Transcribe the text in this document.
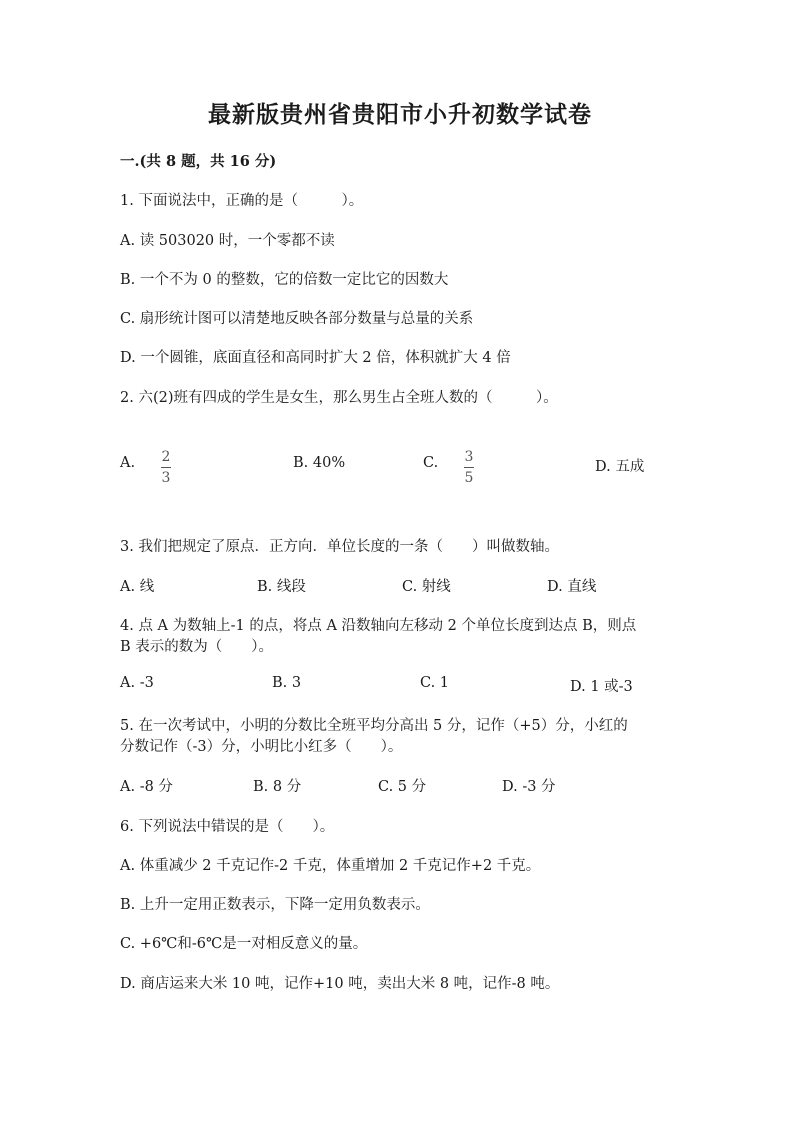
最新版贵州省贵阳市小升初数学试卷
一.(共 8 题，共 16 分)
1. 下面说法中，正确的是（　　　）。
A. 读 503020 时，一个零都不读
B. 一个不为 0 的整数，它的倍数一定比它的因数大
C. 扇形统计图可以清楚地反映各部分数量与总量的关系
D. 一个圆锥，底面直径和高同时扩大 2 倍，体积就扩大 4 倍
2. 六(2)班有四成的学生是女生，那么男生占全班人数的（　　　）。
A. 2
3
B. 40%	C. 3
5
D. 五成
3. 我们把规定了原点．正方向．单位长度的一条（　　）叫做数轴。
A. 线	B. 线段	C. 射线	D. 直线
4. 点 A 为数轴上-1 的点，将点 A 沿数轴向左移动 2 个单位长度到达点 B，则点
B 表示的数为（　　）。
A. -3	B. 3	C. 1	D. 1 或-3
5. 在一次考试中，小明的分数比全班平均分高出 5 分，记作（+5）分，小红的
分数记作（-3）分，小明比小红多（　　）。
A. -8 分	B. 8 分	C. 5 分	D. -3 分
6. 下列说法中错误的是（　　）。
A. 体重减少 2 千克记作-2 千克，体重增加 2 千克记作+2 千克。
B. 上升一定用正数表示，下降一定用负数表示。
C. +6℃和-6℃是一对相反意义的量。
D. 商店运来大米 10 吨，记作+10 吨，卖出大米 8 吨，记作-8 吨。
